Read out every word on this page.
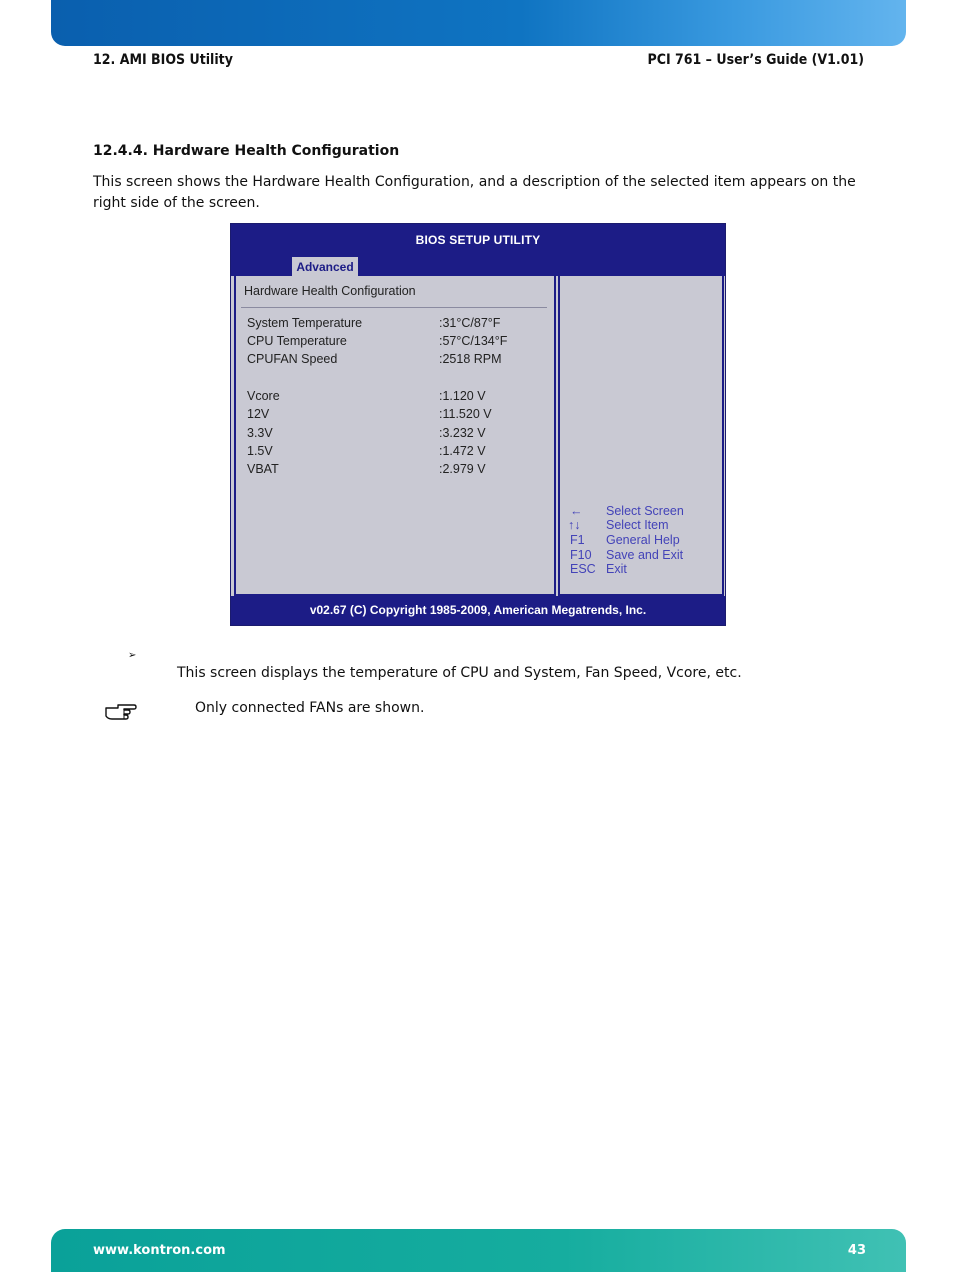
12. AMI BIOS Utility	PCI 761 – User’s Guide (V1.01)
12.4.4. Hardware Health Configuration
This screen shows the Hardware Health Configuration, and a description of the selected item appears on the right side of the screen.
BIOS SETUP UTILITY
Advanced
Hardware Health Configuration
System Temperature	:31°C/87°F
CPU Temperature	:57°C/134°F
CPUFAN Speed	:2518 RPM
Vcore	:1.120 V
12V	:11.520 V
3.3V	:3.232 V
1.5V	:1.472 V
VBAT	:2.979 V
← Select Screen
↑↓ Select Item
F1 General Help
F10 Save and Exit
ESC Exit
v02.67 (C) Copyright 1985-2009, American Megatrends, Inc.
➢
This screen displays the temperature of CPU and System, Fan Speed, Vcore, etc.
Only connected FANs are shown.
www.kontron.com	43
